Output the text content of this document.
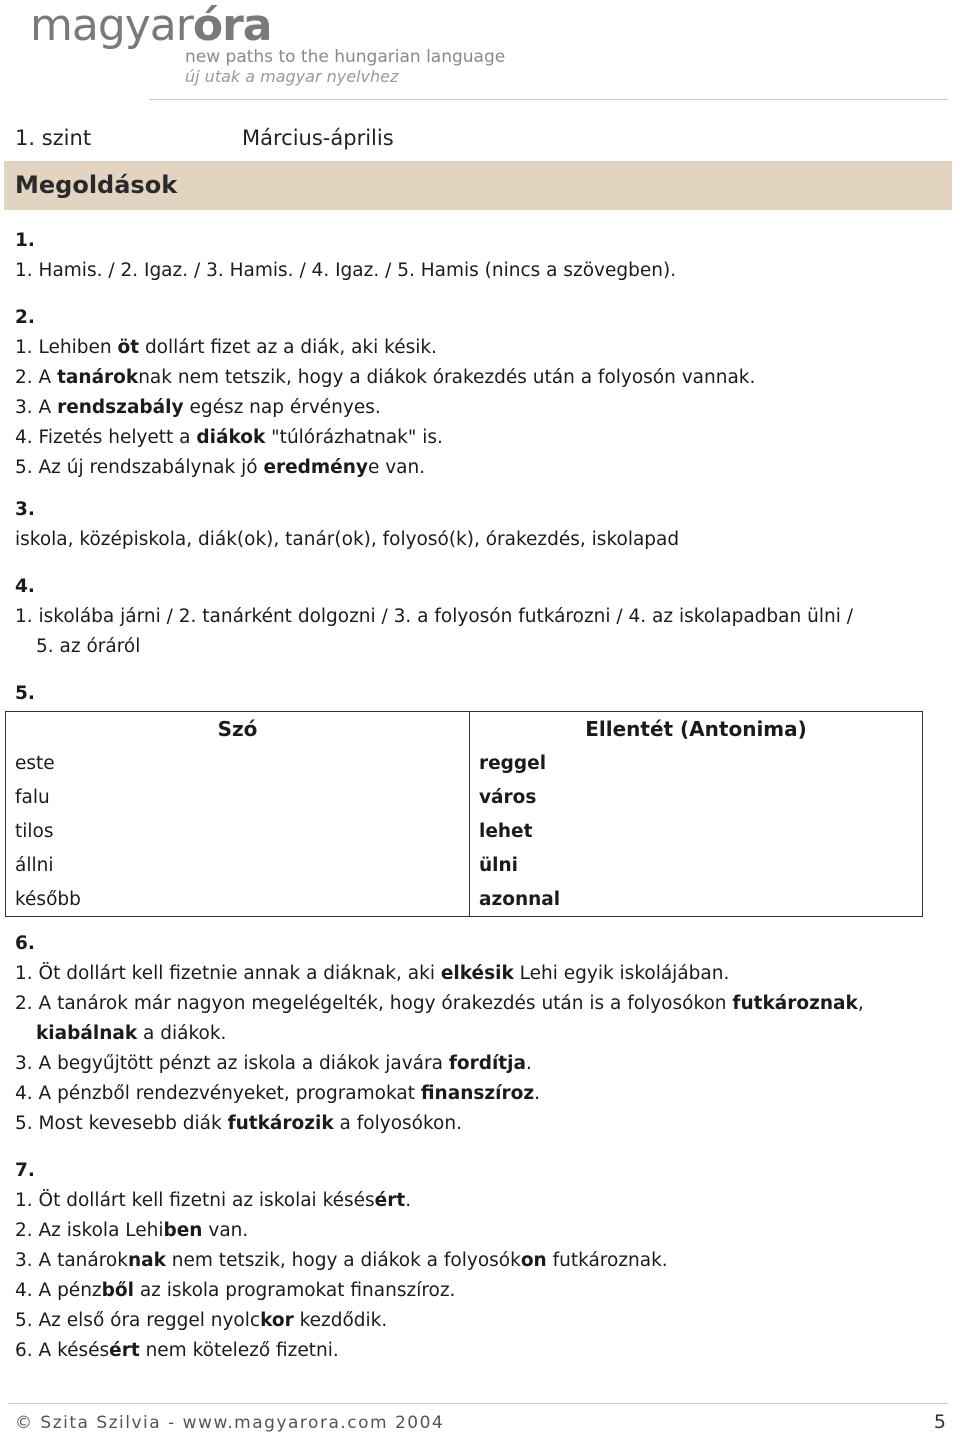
magyaróra
new paths to the hungarian language
új utak a magyar nyelvhez
1. szint	Március-április
Megoldások
1.
1. Hamis. / 2. Igaz. / 3. Hamis. / 4. Igaz. / 5. Hamis (nincs a szövegben).
2.
1. Lehiben öt dollárt fizet az a diák, aki késik.
2. A tanároknak nem tetszik, hogy a diákok órakezdés után a folyosón vannak.
3. A rendszabály egész nap érvényes.
4. Fizetés helyett a diákok "túlórázhatnak" is.
5. Az új rendszabálynak jó eredménye van.
3.
iskola, középiskola, diák(ok), tanár(ok), folyosó(k), órakezdés, iskolapad
4.
1. iskolába járni / 2. tanárként dolgozni / 3. a folyosón futkározni / 4. az iskolapadban ülni /
5. az óráról
5.
Szó	Ellentét (Antonima)
este	reggel
falu	város
tilos	lehet
állni	ülni
később	azonnal
6.
1. Öt dollárt kell fizetnie annak a diáknak, aki elkésik Lehi egyik iskolájában.
2. A tanárok már nagyon megelégelték, hogy órakezdés után is a folyosókon futkároznak,
kiabálnak a diákok.
3. A begyűjtött pénzt az iskola a diákok javára fordítja.
4. A pénzből rendezvényeket, programokat finanszíroz.
5. Most kevesebb diák futkározik a folyosókon.
7.
1. Öt dollárt kell fizetni az iskolai késésért.
2. Az iskola Lehiben van.
3. A tanároknak nem tetszik, hogy a diákok a folyosókon futkároznak.
4. A pénzből az iskola programokat finanszíroz.
5. Az első óra reggel nyolckor kezdődik.
6. A késésért nem kötelező fizetni.
© Szita Szilvia - www.magyarora.com 2004	5
